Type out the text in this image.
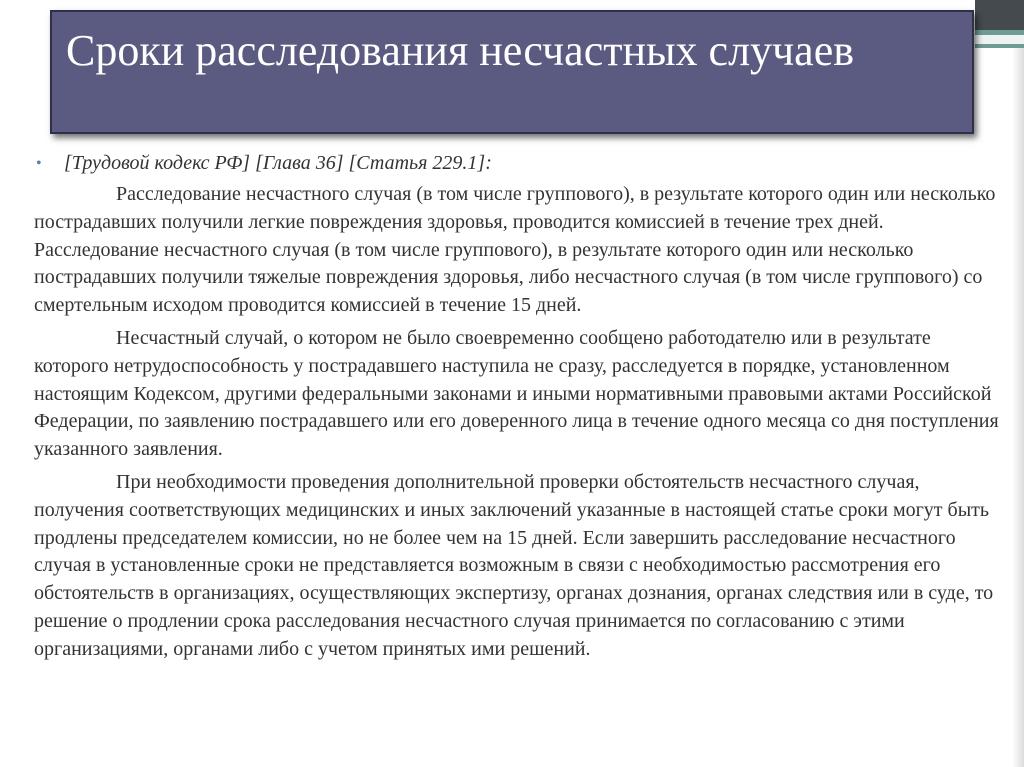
Сроки расследования несчастных случаев
• [Трудовой кодекс РФ] [Глава 36] [Статья 229.1]:

Расследование несчастного случая (в том числе группового), в результате которого один или несколько пострадавших получили легкие повреждения здоровья, проводится комиссией в течение трех дней. Расследование несчастного случая (в том числе группового), в результате которого один или несколько пострадавших получили тяжелые повреждения здоровья, либо несчастного случая (в том числе группового) со смертельным исходом проводится комиссией в течение 15 дней.

Несчастный случай, о котором не было своевременно сообщено работодателю или в результате которого нетрудоспособность у пострадавшего наступила не сразу, расследуется в порядке, установленном настоящим Кодексом, другими федеральными законами и иными нормативными правовыми актами Российской Федерации, по заявлению пострадавшего или его доверенного лица в течение одного месяца со дня поступления указанного заявления.

При необходимости проведения дополнительной проверки обстоятельств несчастного случая, получения соответствующих медицинских и иных заключений указанные в настоящей статье сроки могут быть продлены председателем комиссии, но не более чем на 15 дней. Если завершить расследование несчастного случая в установленные сроки не представляется возможным в связи с необходимостью рассмотрения его обстоятельств в организациях, осуществляющих экспертизу, органах дознания, органах следствия или в суде, то решение о продлении срока расследования несчастного случая принимается по согласованию с этими организациями, органами либо с учетом принятых ими решений.
